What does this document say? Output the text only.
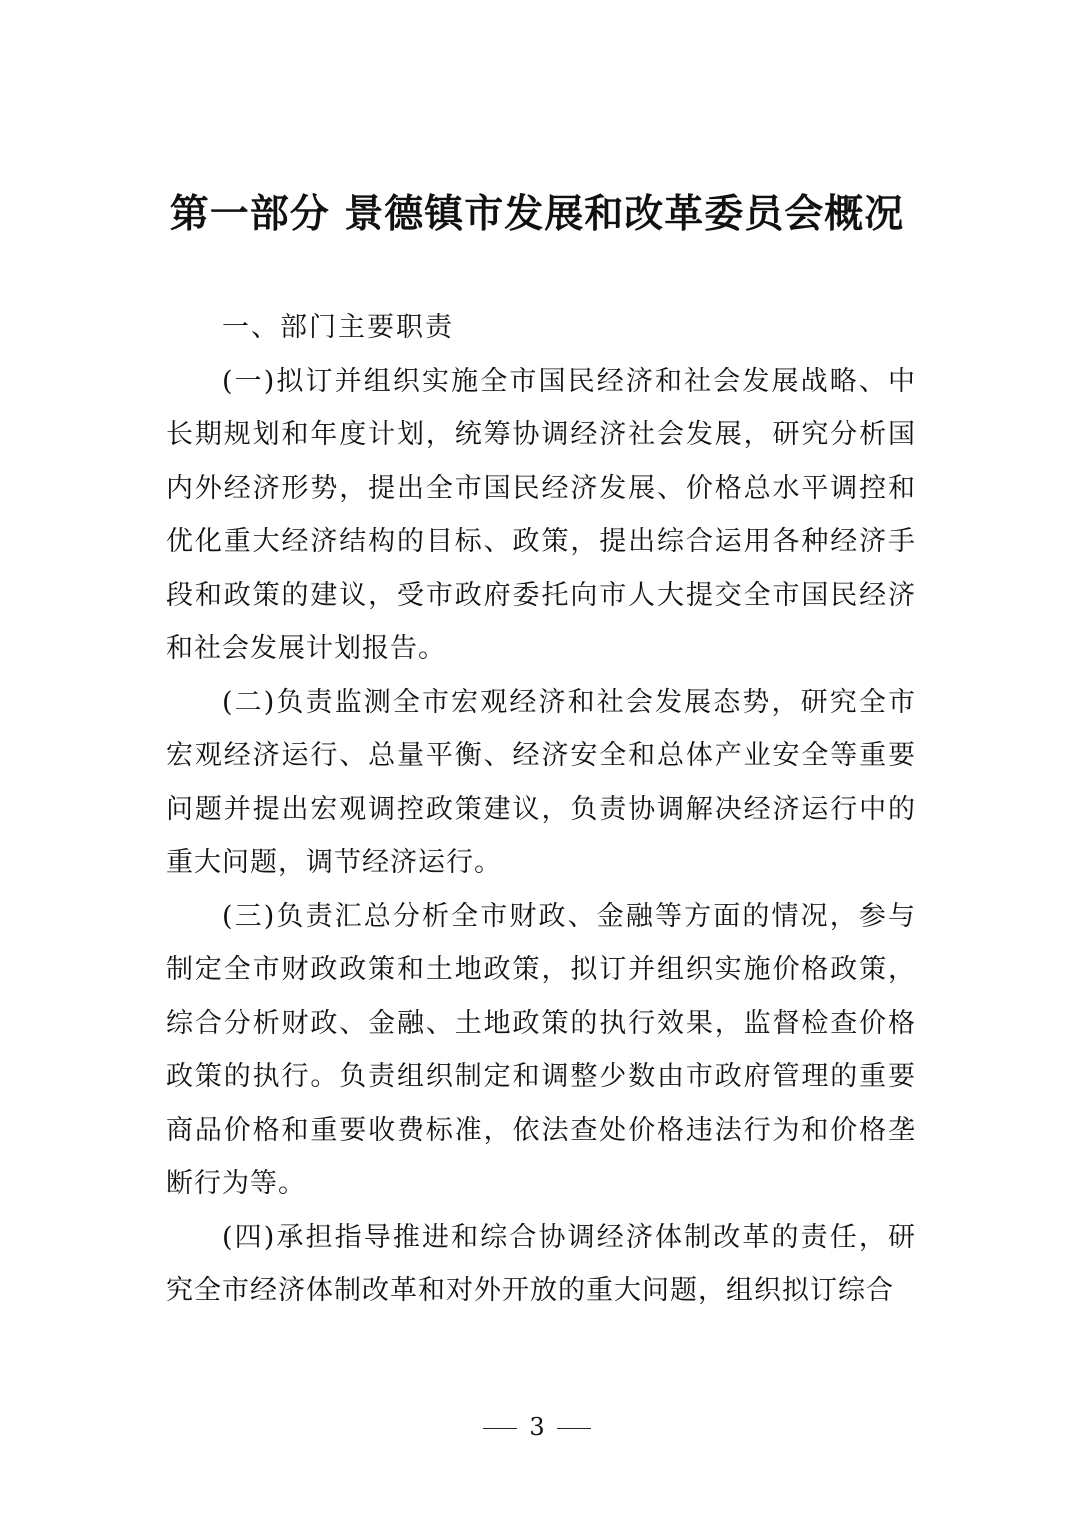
第一部分 景德镇市发展和改革委员会概况

一、部门主要职责

(一)拟订并组织实施全市国民经济和社会发展战略、中长期规划和年度计划，统筹协调经济社会发展，研究分析国内外经济形势，提出全市国民经济发展、价格总水平调控和优化重大经济结构的目标、政策，提出综合运用各种经济手段和政策的建议，受市政府委托向市人大提交全市国民经济和社会发展计划报告。

(二)负责监测全市宏观经济和社会发展态势，研究全市宏观经济运行、总量平衡、经济安全和总体产业安全等重要问题并提出宏观调控政策建议，负责协调解决经济运行中的重大问题，调节经济运行。

(三)负责汇总分析全市财政、金融等方面的情况，参与制定全市财政政策和土地政策，拟订并组织实施价格政策，综合分析财政、金融、土地政策的执行效果，监督检查价格政策的执行。负责组织制定和调整少数由市政府管理的重要商品价格和重要收费标准，依法查处价格违法行为和价格垄断行为等。

(四)承担指导推进和综合协调经济体制改革的责任，研究全市经济体制改革和对外开放的重大问题，组织拟订综合

3
